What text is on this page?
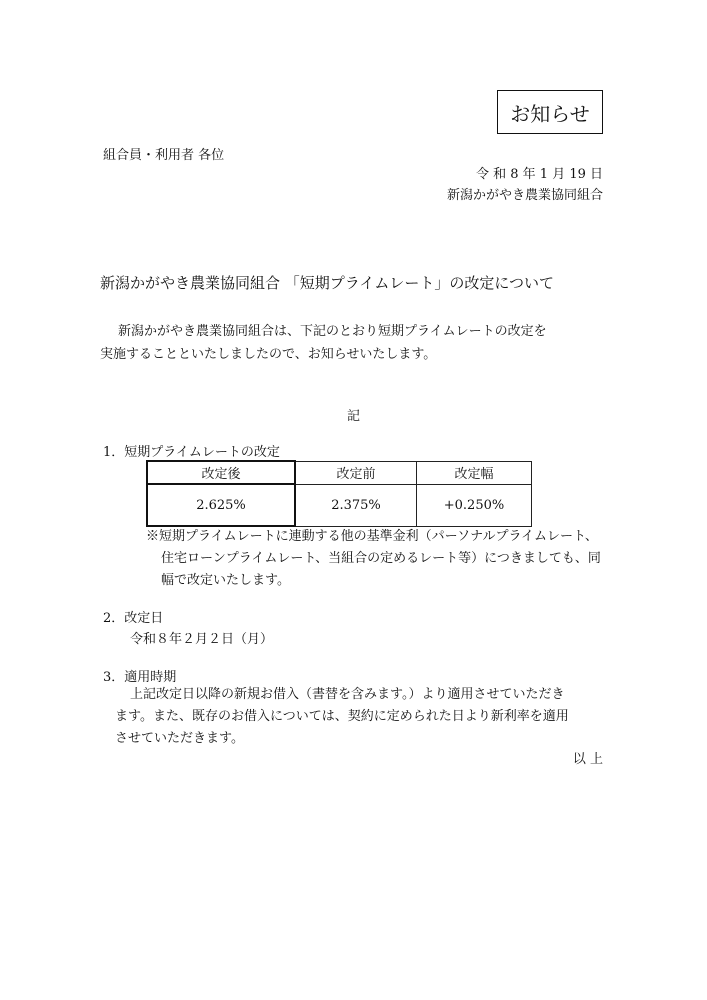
お知らせ
組合員・利用者 各位
令 和 8 年 1 月 19 日
新潟かがやき農業協同組合
新潟かがやき農業協同組合 「短期プライムレート」の改定について
新潟かがやき農業協同組合は、下記のとおり短期プライムレートの改定を
実施することといたしましたので、お知らせいたします。
記
1．短期プライムレートの改定
改定後	改定前	改定幅
2.625%	2.375%	+0.250%
※短期プライムレートに連動する他の基準金利（パーソナルプライムレート、
住宅ローンプライムレート、当組合の定めるレート等）につきましても、同
幅で改定いたします。
2．改定日
令和８年２月２日（月）
3．適用時期
上記改定日以降の新規お借入（書替を含みます。）より適用させていただき
ます。また、既存のお借入については、契約に定められた日より新利率を適用
させていただきます。
以 上
